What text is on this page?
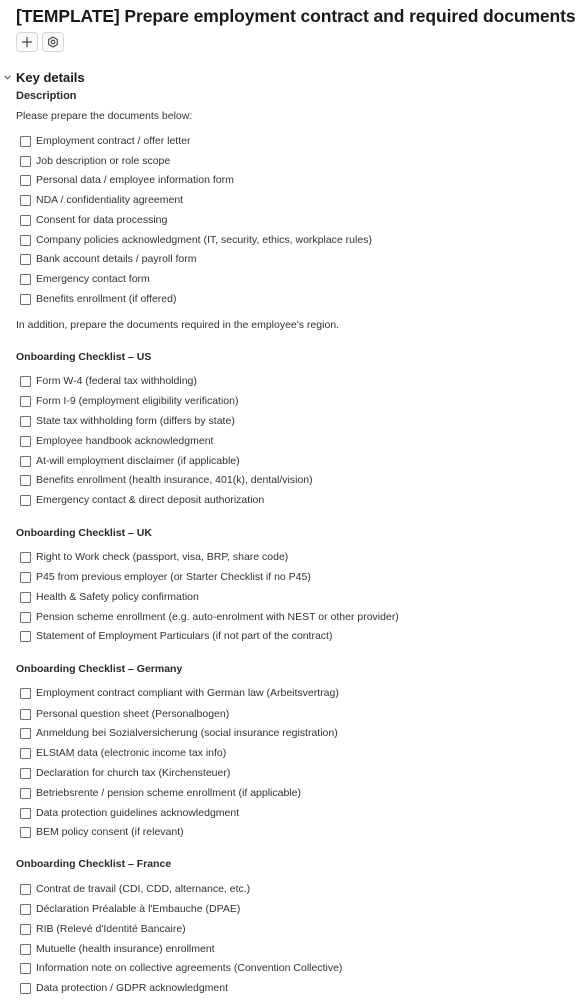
[TEMPLATE] Prepare employment contract and required documents
Key details
Description
Please prepare the documents below:
Employment contract / offer letter
Job description or role scope
Personal data / employee information form
NDA / confidentiality agreement
Consent for data processing
Company policies acknowledgment (IT, security, ethics, workplace rules)
Bank account details / payroll form
Emergency contact form
Benefits enrollment (if offered)
In addition, prepare the documents required in the employee's region.
Onboarding Checklist – US
Form W-4 (federal tax withholding)
Form I-9 (employment eligibility verification)
State tax withholding form (differs by state)
Employee handbook acknowledgment
At-will employment disclaimer (if applicable)
Benefits enrollment (health insurance, 401(k), dental/vision)
Emergency contact & direct deposit authorization
Onboarding Checklist – UK
Right to Work check (passport, visa, BRP, share code)
P45 from previous employer (or Starter Checklist if no P45)
Health & Safety policy confirmation
Pension scheme enrollment (e.g. auto-enrolment with NEST or other provider)
Statement of Employment Particulars (if not part of the contract)
Onboarding Checklist – Germany
Employment contract compliant with German law (Arbeitsvertrag)
Personal question sheet (Personalbogen)
Anmeldung bei Sozialversicherung (social insurance registration)
ELStAM data (electronic income tax info)
Declaration for church tax (Kirchensteuer)
Betriebsrente / pension scheme enrollment (if applicable)
Data protection guidelines acknowledgment
BEM policy consent (if relevant)
Onboarding Checklist – France
Contrat de travail (CDI, CDD, alternance, etc.)
Déclaration Préalable à l'Embauche (DPAE)
RIB (Relevé d'Identité Bancaire)
Mutuelle (health insurance) enrollment
Information note on collective agreements (Convention Collective)
Data protection / GDPR acknowledgment
